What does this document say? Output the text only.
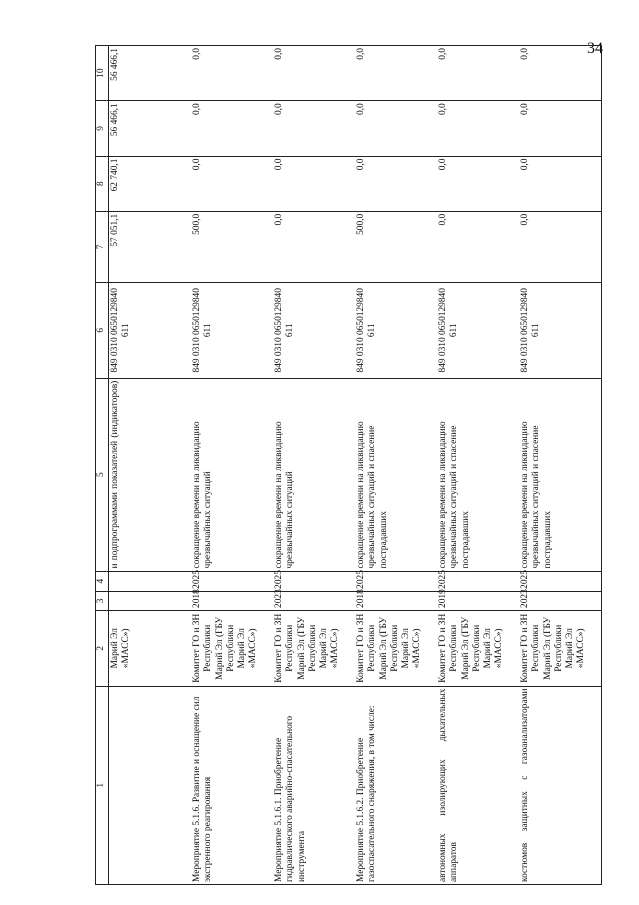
34
1	2	3	4	5	6	7	8	9	10
	Марий Эл «МАСС»)			и подпрограммами показателей (индикаторов)	849 0310 0650129840 611	57 051,1	62 740,1	56 466,1	56 466,1
Мероприятие 5.1.6. Развитие и оснащение сил экстренного реагирования	Комитет ГО и ЗН Республики Марий Эл (ГБУ Республики Марий Эл «МАСС»)	2018	2025	сокращение времени на ликвидацию чрезвычайных ситуаций	849 0310 0650129840 611	500,0	0,0	0,0	0,0
Мероприятие 5.1.6.1. Приобретение гидравлического аварийно-спасательного инструмента	Комитет ГО и ЗН Республики Марий Эл (ГБУ Республики Марий Эл «МАСС»)	2023	2025	сокращение времени на ликвидацию чрезвычайных ситуаций	849 0310 0650129840 611	0,0	0,0	0,0	0,0
Мероприятие 5.1.6.2. Приобретение газоспасательного снаряжения, в том числе:	Комитет ГО и ЗН Республики Марий Эл (ГБУ Республики Марий Эл «МАСС»)	2018	2025	сокращение времени на ликвидацию чрезвычайных ситуаций и спасение пострадавших	849 0310 0650129840 611	500,0	0,0	0,0	0,0
автономных изолирующих дыхательных аппаратов	Комитет ГО и ЗН Республики Марий Эл (ГБУ Республики Марий Эл «МАСС»)	2019	2025	сокращение времени на ликвидацию чрезвычайных ситуаций и спасение пострадавших	849 0310 0650129840 611	0,0	0,0	0,0	0,0
костюмов защитных с газоанализаторами	Комитет ГО и ЗН Республики Марий Эл (ГБУ Республики Марий Эл «МАСС»)	2023	2025	сокращение времени на ликвидацию чрезвычайных ситуаций и спасение пострадавших	849 0310 0650129840 611	0,0	0,0	0,0	0,0
